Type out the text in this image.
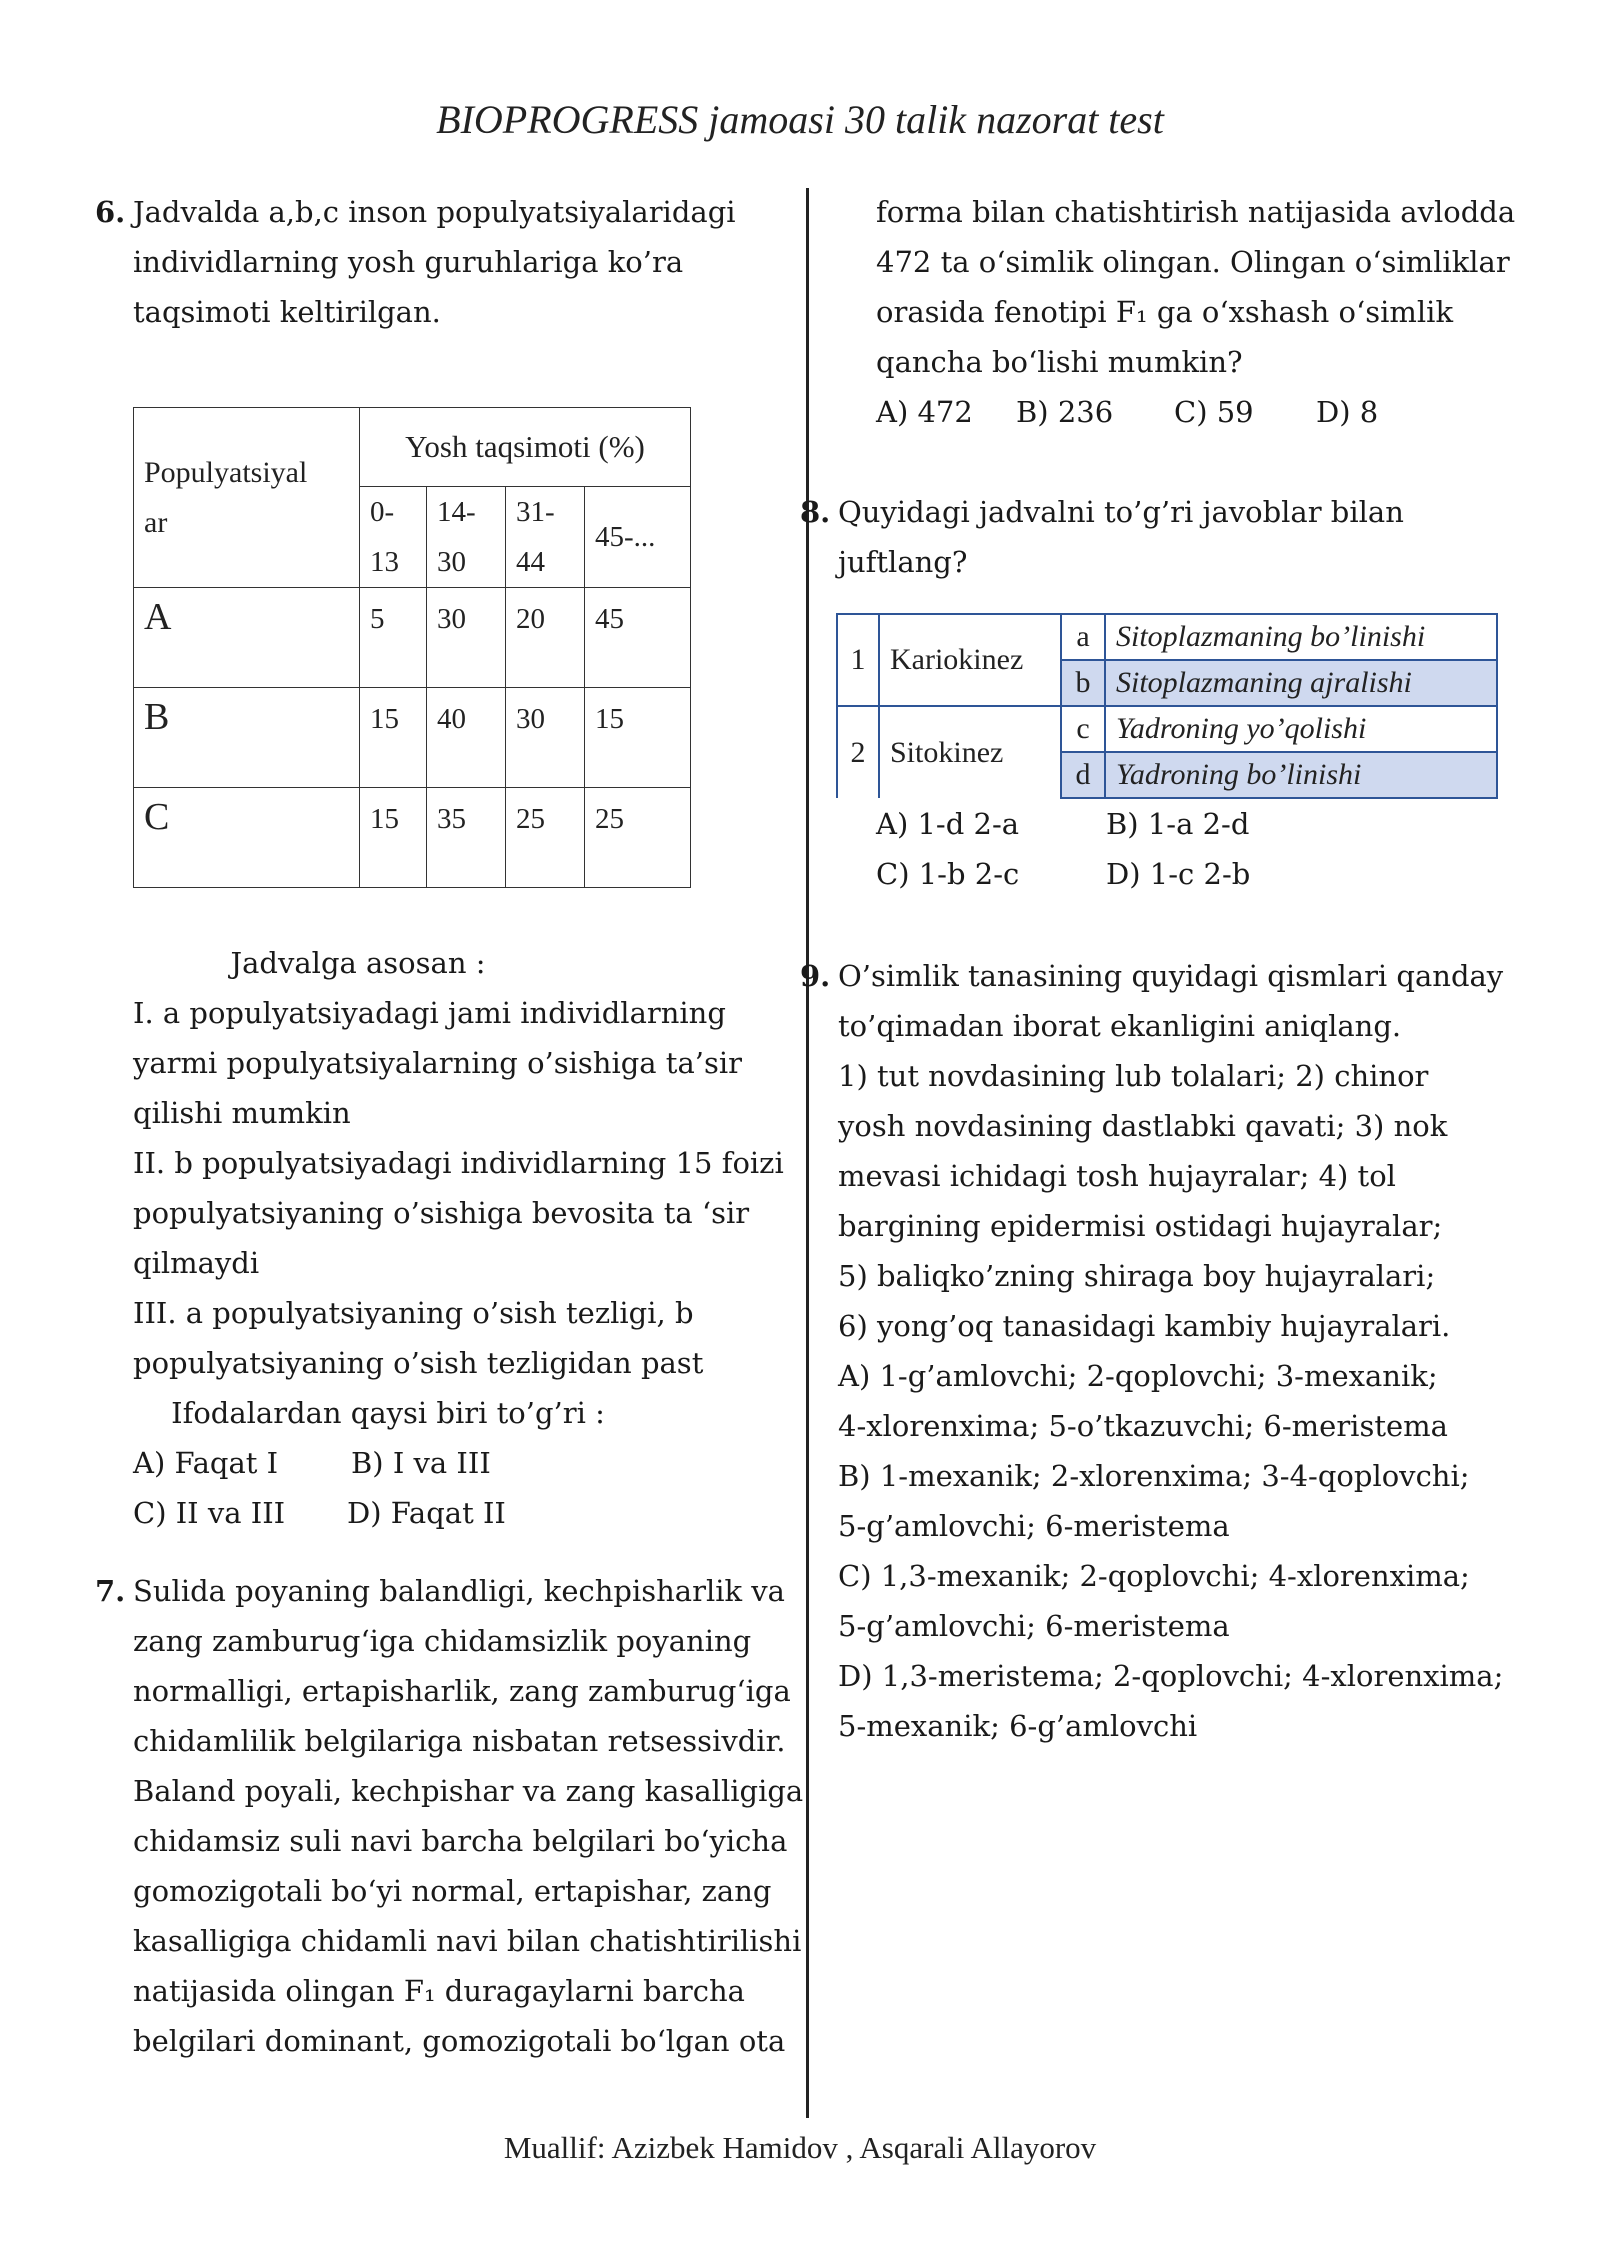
BIOPROGRESS jamoasi 30 talik nazorat test
6. Jadvalda a,b,c inson populyatsiyalaridagi
individlarning yosh guruhlariga ko’ra
taqsimoti keltirilgan.
Populyatsiyal
ar	Yosh taqsimoti (%)			
	0-13	14-30	31-44	45-...
A	5	30	20	45
B	15	40	30	15
C	15	35	25	25
Jadvalga asosan :
I. a populyatsiyadagi jami individlarning
yarmi populyatsiyalarning o’sishiga ta’sir
qilishi mumkin
II. b populyatsiyadagi individlarning 15 foizi
populyatsiyaning o’sishiga bevosita ta ‘sir
qilmaydi
III. a populyatsiyaning o’sish tezligi, b
populyatsiyaning o’sish tezligidan past
Ifodalardan qaysi biri to’g’ri :
A) Faqat I	B) I va III
C) II va III	D) Faqat II
7. Sulida poyaning balandligi, kechpisharlik va
zang zamburug‘iga chidamsizlik poyaning
normalligi, ertapisharlik, zang zamburug‘iga
chidamlilik belgilariga nisbatan retsessivdir.
Baland poyali, kechpishar va zang kasalligiga
chidamsiz suli navi barcha belgilari bo‘yicha
gomozigotali bo‘yi normal, ertapishar, zang
kasalligiga chidamli navi bilan chatishtirilishi
natijasida olingan F₁ duragaylarni barcha
belgilari dominant, gomozigotali bo‘lgan ota
forma bilan chatishtirish natijasida avlodda
472 ta o‘simlik olingan. Olingan o‘simliklar
orasida fenotipi F₁ ga o‘xshash o‘simlik
qancha bo‘lishi mumkin?
A) 472	B) 236	C) 59	D) 8
8. Quyidagi jadvalni to’g’ri javoblar bilan
juftlang?
1	Kariokinez	a	Sitoplazmaning bo’linishi
		b	Sitoplazmaning ajralishi
2	Sitokinez	c	Yadroning yo’qolishi
		d	Yadroning bo’linishi
A) 1-d 2-a	B) 1-a 2-d
C) 1-b 2-c	D) 1-c 2-b
9. O’simlik tanasining quyidagi qismlari qanday
to’qimadan iborat ekanligini aniqlang.
1) tut novdasining lub tolalari; 2) chinor
yosh novdasining dastlabki qavati; 3) nok
mevasi ichidagi tosh hujayralar; 4) tol
bargining epidermisi ostidagi hujayralar;
5) baliqko’zning shiraga boy hujayralari;
6) yong’oq tanasidagi kambiy hujayralari.
A) 1-g’amlovchi; 2-qoplovchi; 3-mexanik;
4-xlorenxima; 5-o’tkazuvchi; 6-meristema
B) 1-mexanik; 2-xlorenxima; 3-4-qoplovchi;
5-g’amlovchi; 6-meristema
C) 1,3-mexanik; 2-qoplovchi; 4-xlorenxima;
5-g’amlovchi; 6-meristema
D) 1,3-meristema; 2-qoplovchi; 4-xlorenxima;
5-mexanik; 6-g’amlovchi
Muallif: Azizbek Hamidov , Asqarali Allayorov
